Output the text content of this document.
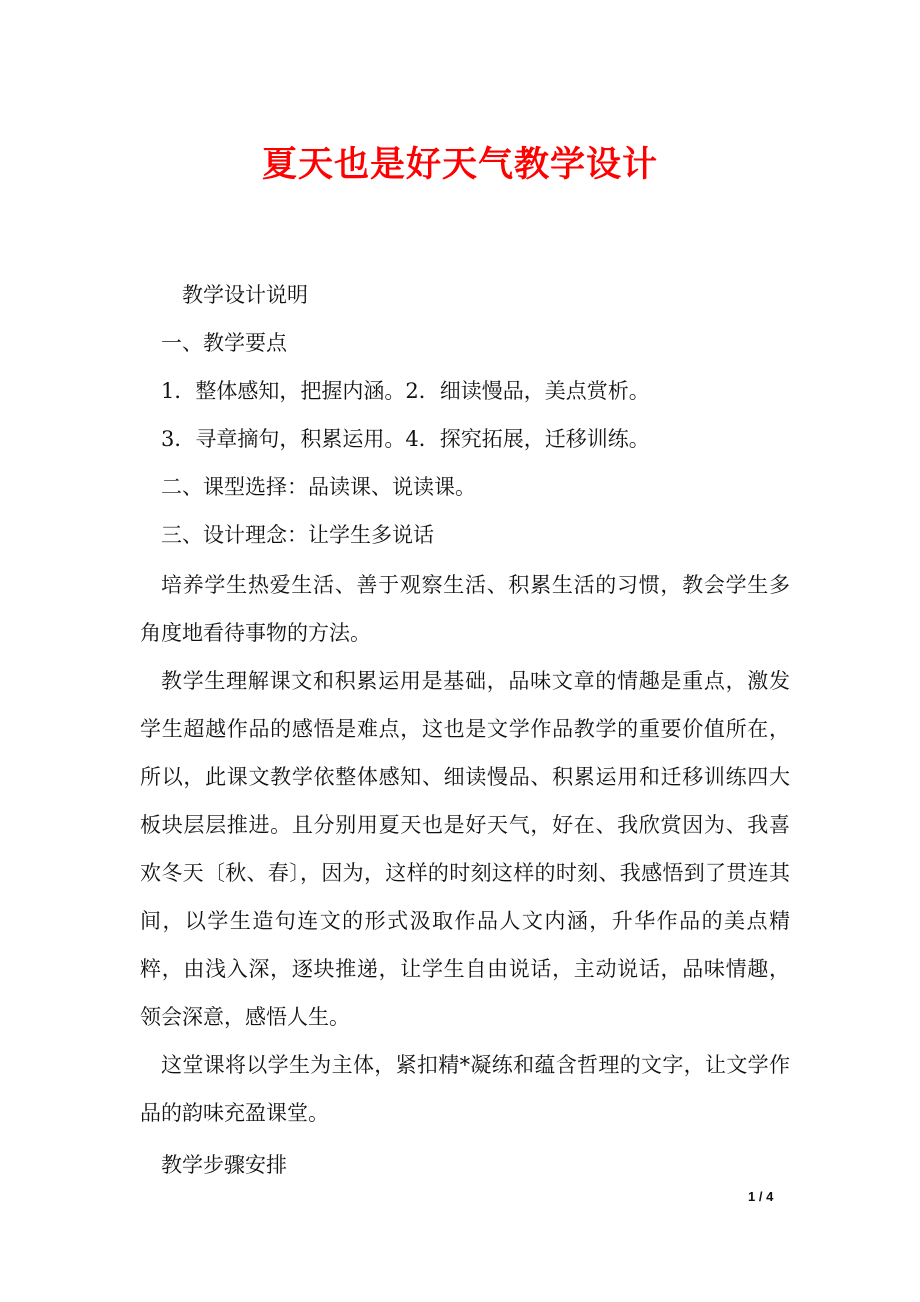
夏天也是好天气教学设计
教学设计说明
一、教学要点
1．整体感知，把握内涵。2．细读慢品，美点赏析。
3．寻章摘句，积累运用。4．探究拓展，迁移训练。
二、课型选择：品读课、说读课。
三、设计理念：让学生多说话
培养学生热爱生活、善于观察生活、积累生活的习惯，教会学生多角度地看待事物的方法。
教学生理解课文和积累运用是基础，品味文章的情趣是重点，激发学生超越作品的感悟是难点，这也是文学作品教学的重要价值所在，所以，此课文教学依整体感知、细读慢品、积累运用和迁移训练四大板块层层推进。且分别用夏天也是好天气，好在、我欣赏因为、我喜欢冬天〔秋、春〕，因为，这样的时刻这样的时刻、我感悟到了贯连其间，以学生造句连文的形式汲取作品人文内涵，升华作品的美点精粹，由浅入深，逐块推递，让学生自由说话，主动说话，品味情趣，领会深意，感悟人生。
这堂课将以学生为主体，紧扣精*凝练和蕴含哲理的文字，让文学作品的韵味充盈课堂。
教学步骤安排
1 / 4
